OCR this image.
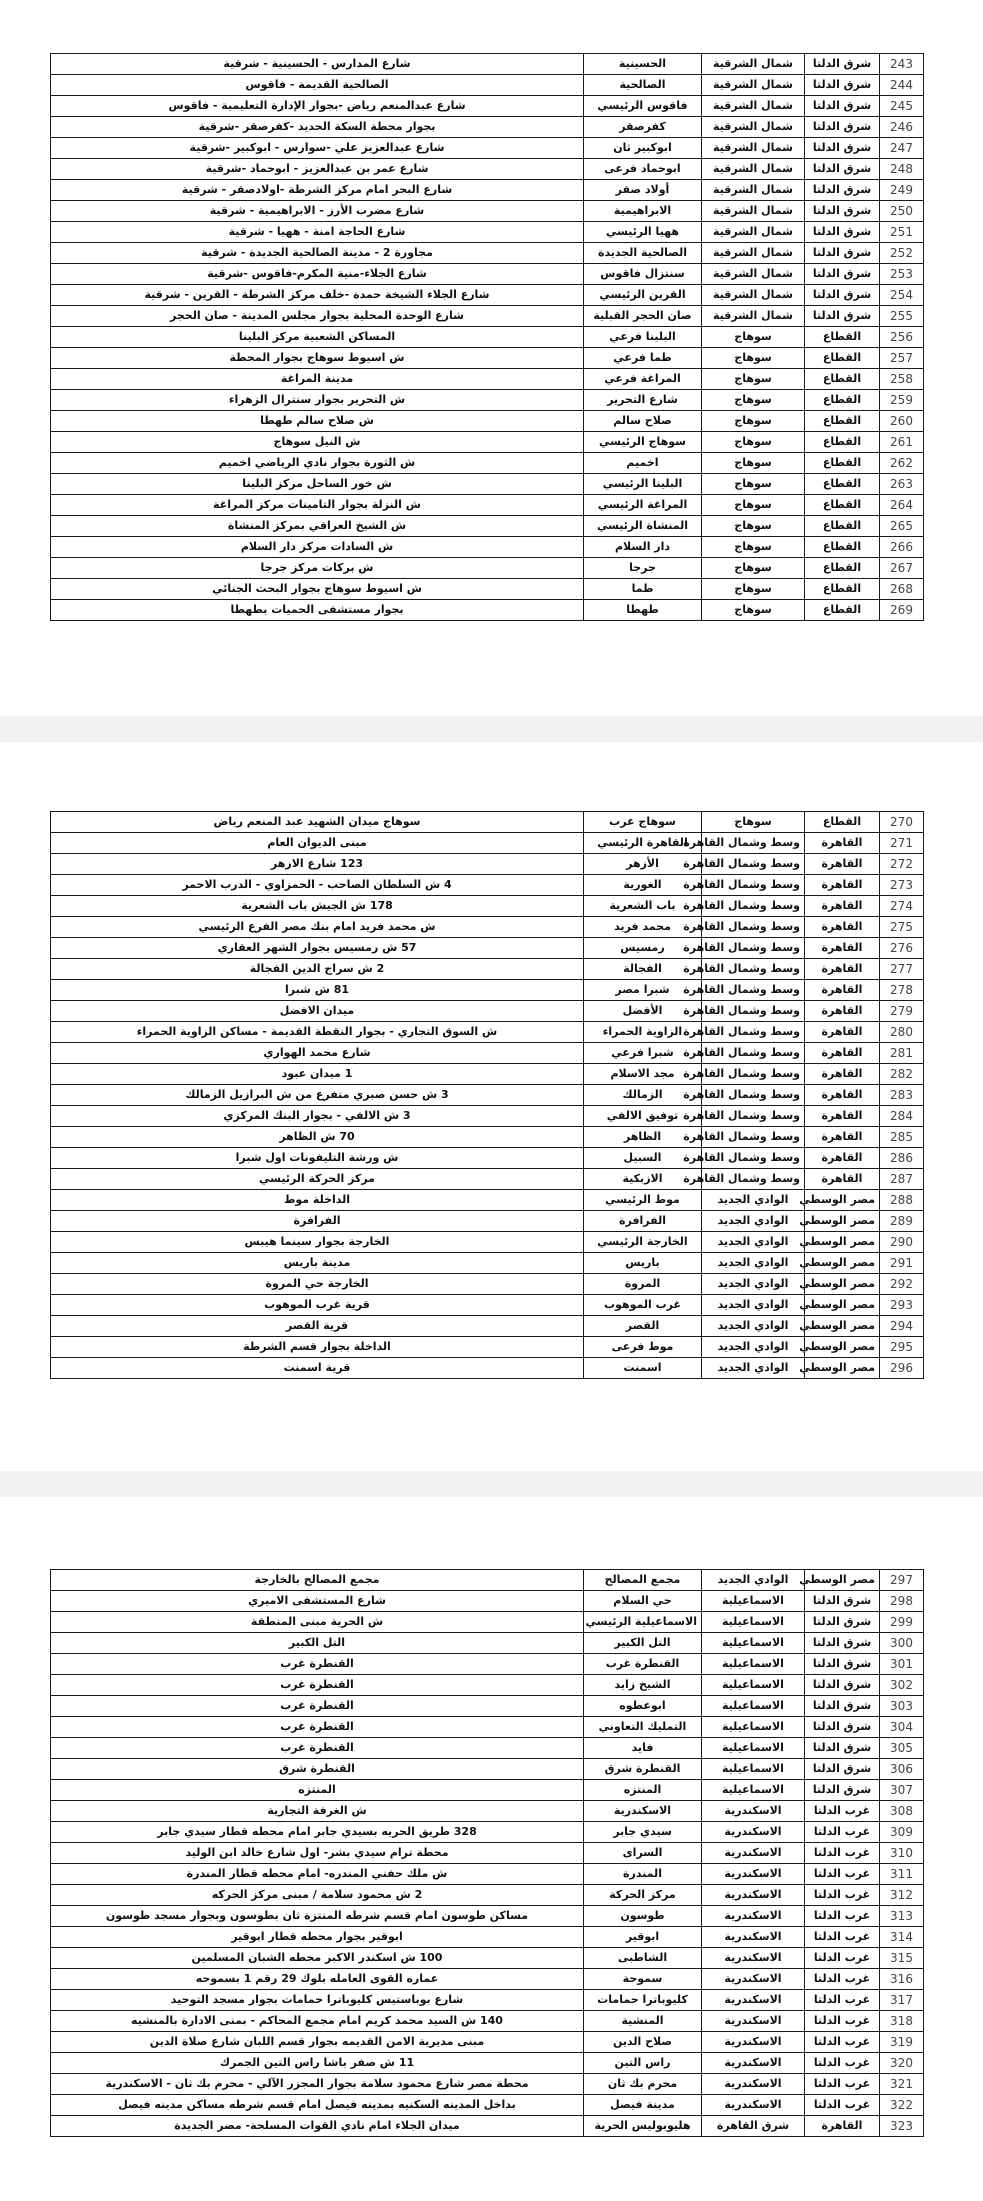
شارع المدارس - الحسينية - شرقية	الحسينية	شمال الشرقية	شرق الدلتا	243
الصالحية القديمة - فاقوس	الصالحية	شمال الشرقية	شرق الدلتا	244
شارع عبدالمنعم رياض -بجوار الإدارة التعليمية - فاقوس	فاقوس الرئيسي	شمال الشرقية	شرق الدلتا	245
بجوار محطة السكة الحديد -كفرصقر -شرقية	كفرصقر	شمال الشرقية	شرق الدلتا	246
شارع عبدالعزيز علي -سوارس - ابوكبير -شرقية	ابوكبير ثان	شمال الشرقية	شرق الدلتا	247
شارع عمر بن عبدالعزيز - ابوحماد -شرقية	ابوحماد فرعى	شمال الشرقية	شرق الدلتا	248
شارع البحر امام مركز الشرطة -اولادصقر - شرقية	أولاد صقر	شمال الشرقية	شرق الدلتا	249
شارع مضرب الأرز - الابراهيمية - شرقية	الابراهيمية	شمال الشرقية	شرق الدلتا	250
شارع الحاجة امنة - ههيا - شرقية	ههيا الرئيسي	شمال الشرقية	شرق الدلتا	251
مجاورة 2 - مدينة الصالحية الجديدة - شرقية	الصالحية الجديدة	شمال الشرقية	شرق الدلتا	252
شارع الجلاء-منية المكرم-فاقوس -شرقية	سنتزال فاقوس	شمال الشرقية	شرق الدلتا	253
شارع الجلاء الشيخة حمدة -خلف مركز الشرطة - القرين - شرقية	القرين الرئيسي	شمال الشرقية	شرق الدلتا	254
شارع الوحدة المحلية بجوار مجلس المدينة - صان الحجر	صان الحجر القبلية	شمال الشرقية	شرق الدلتا	255
المساكن الشعبية مركز البلينا	البلينا فرعي	سوهاج	القطاع	256
ش اسيوط سوهاج بجوار المحطة	طما فرعي	سوهاج	القطاع	257
مدينة المراغة	المراغة فرعي	سوهاج	القطاع	258
ش التحرير بجوار سنترال الزهراء	شارع التحرير	سوهاج	القطاع	259
ش صلاح سالم طهطا	صلاح سالم	سوهاج	القطاع	260
ش النيل سوهاج	سوهاج الرئيسي	سوهاج	القطاع	261
ش الثورة بجوار نادي الرياضي اخميم	اخميم	سوهاج	القطاع	262
ش خور الساحل مركز البلينا	البلينا الرئيسي	سوهاج	القطاع	263
ش النزلة بجوار التامينات مركز المراغة	المراغة الرئيسي	سوهاج	القطاع	264
ش الشيخ العراقي بمركز المنشاة	المنشاة الرئيسي	سوهاج	القطاع	265
ش السادات مركز دار السلام	دار السلام	سوهاج	القطاع	266
ش بركات مركز جرجا	جرجا	سوهاج	القطاع	267
ش اسيوط سوهاج بجوار البحث الجنائي	طما	سوهاج	القطاع	268
بجوار مستشفى الحميات بطهطا	طهطا	سوهاج	القطاع	269
سوهاج ميدان الشهيد عبد المنعم رياض	سوهاج غرب	سوهاج	القطاع	270
مبنى الديوان العام	القاهرة الرئيسي	وسط وشمال القاهرة	القاهرة	271
123 شارع الازهر	الأزهر	وسط وشمال القاهرة	القاهرة	272
4 ش السلطان الصاحب - الحمزاوي - الدرب الاحمر	الغورية	وسط وشمال القاهرة	القاهرة	273
178 ش الجيش باب الشعرية	باب الشعرية	وسط وشمال القاهرة	القاهرة	274
ش محمد فريد امام بنك مصر الفرع الرئيسي	محمد فريد	وسط وشمال القاهرة	القاهرة	275
57 ش رمسيس بجوار الشهر العقاري	رمسيس	وسط وشمال القاهرة	القاهرة	276
2 ش سراج الدين الفجالة	الفجالة	وسط وشمال القاهرة	القاهرة	277
81 ش شبرا	شبرا مصر	وسط وشمال القاهرة	القاهرة	278
ميدان الافضل	الأفضل	وسط وشمال القاهرة	القاهرة	279
ش السوق التجاري - بجوار النقطة القديمة - مساكن الزاوية الحمراء	الزاوية الحمراء	وسط وشمال القاهرة	القاهرة	280
شارع محمد الهواري	شبرا فرعي	وسط وشمال القاهرة	القاهرة	281
1 ميدان عبود	مجد الاسلام	وسط وشمال القاهرة	القاهرة	282
3 ش حسن صبري متفرع من ش البرازيل الزمالك	الزمالك	وسط وشمال القاهرة	القاهرة	283
3 ش الالفي - بجوار البنك المركزي	توفيق الالفي	وسط وشمال القاهرة	القاهرة	284
70 ش الظاهر	الظاهر	وسط وشمال القاهرة	القاهرة	285
ش ورشة التليفونات اول شبرا	السبيل	وسط وشمال القاهرة	القاهرة	286
مركز الحركة الرئيسي	الازبكية	وسط وشمال القاهرة	القاهرة	287
الداخلة موط	موط الرئيسي	الوادي الجديد	مصر الوسطي	288
الفرافرة	الفرافرة	الوادي الجديد	مصر الوسطي	289
الخارجة بجوار سينما هيبس	الخارجة الرئيسي	الوادي الجديد	مصر الوسطي	290
مدينة باريس	باريس	الوادي الجديد	مصر الوسطي	291
الخارجة حي المروة	المروة	الوادي الجديد	مصر الوسطي	292
قرية غرب الموهوب	غرب الموهوب	الوادي الجديد	مصر الوسطي	293
قرية القصر	القصر	الوادي الجديد	مصر الوسطي	294
الداخلة بجوار قسم الشرطة	موط فرعى	الوادي الجديد	مصر الوسطي	295
قرية اسمنت	اسمنت	الوادي الجديد	مصر الوسطي	296
مجمع المصالح بالخارجة	مجمع المصالح	الوادي الجديد	مصر الوسطي	297
شارع المستشفى الاميري	حي السلام	الاسماعيلية	شرق الدلتا	298
ش الحرية مبنى المنطقة	الاسماعيلية الرئيسي	الاسماعيلية	شرق الدلتا	299
التل الكبير	التل الكبير	الاسماعيلية	شرق الدلتا	300
القنطرة غرب	القنطرة غرب	الاسماعيلية	شرق الدلتا	301
القنطرة غرب	الشيخ زايد	الاسماعيلية	شرق الدلتا	302
القنطرة غرب	ابوعطوه	الاسماعيلية	شرق الدلتا	303
القنطرة غرب	التمليك التعاوني	الاسماعيلية	شرق الدلتا	304
القنطرة غرب	فايد	الاسماعيلية	شرق الدلتا	305
القنطرة شرق	القنطرة شرق	الاسماعيلية	شرق الدلتا	306
المنتزه	المنتزه	الاسماعيلية	شرق الدلتا	307
ش الغرفة التجارية	الاسكندرية	الاسكندرية	غرب الدلتا	308
328 طريق الحريه بسيدي جابر امام محطه قطار سيدي جابر	سيدي جابر	الاسكندرية	غرب الدلتا	309
محطة ترام سيدي بشر- اول شارع خالد ابن الوليد	السراى	الاسكندرية	غرب الدلتا	310
ش ملك حفني المندره- امام محطه قطار المندرة	المندرة	الاسكندرية	غرب الدلتا	311
2 ش محمود سلامة / مبنى مركز الحركه	مركز الحركة	الاسكندرية	غرب الدلتا	312
مساكن طوسون امام قسم شرطه المنتزة ثان بطوسون وبجوار مسجد طوسون	طوسون	الاسكندرية	غرب الدلتا	313
ابوقير بجوار محطه قطار ابوقير	ابوقير	الاسكندرية	غرب الدلتا	314
100 ش اسكندر الاكبر محطه الشبان المسلمين	الشاطبى	الاسكندرية	غرب الدلتا	315
عماره القوى العامله بلوك 29 رقم 1 بسموحه	سموحة	الاسكندرية	غرب الدلتا	316
شارع بوباستيس كليوباترا حمامات بجوار مسجد التوحيد	كليوباترا حمامات	الاسكندرية	غرب الدلتا	317
140 ش السيد محمد كريم امام مجمع المحاكم - بمنى الادارة بالمنشيه	المنشية	الاسكندرية	غرب الدلتا	318
مبنى مديرية الامن القديمه بجوار قسم اللبان شارع صلاة الدين	صلاح الدين	الاسكندرية	غرب الدلتا	319
11 ش صفر باشا راس التين الجمرك	راس التين	الاسكندرية	غرب الدلتا	320
محطة مصر شارع محمود سلامة بجوار المجزر الآلي - محرم بك ثان - الاسكندرية	محرم بك ثان	الاسكندرية	غرب الدلتا	321
بداخل المدينه السكنيه بمدينه فيصل امام قسم شرطه مساكن مدينه فيصل	مدينة فيصل	الاسكندرية	غرب الدلتا	322
ميدان الجلاء امام نادي القوات المسلحة- مصر الجديدة	هليوبوليس الحرية	شرق القاهرة	القاهرة	323
